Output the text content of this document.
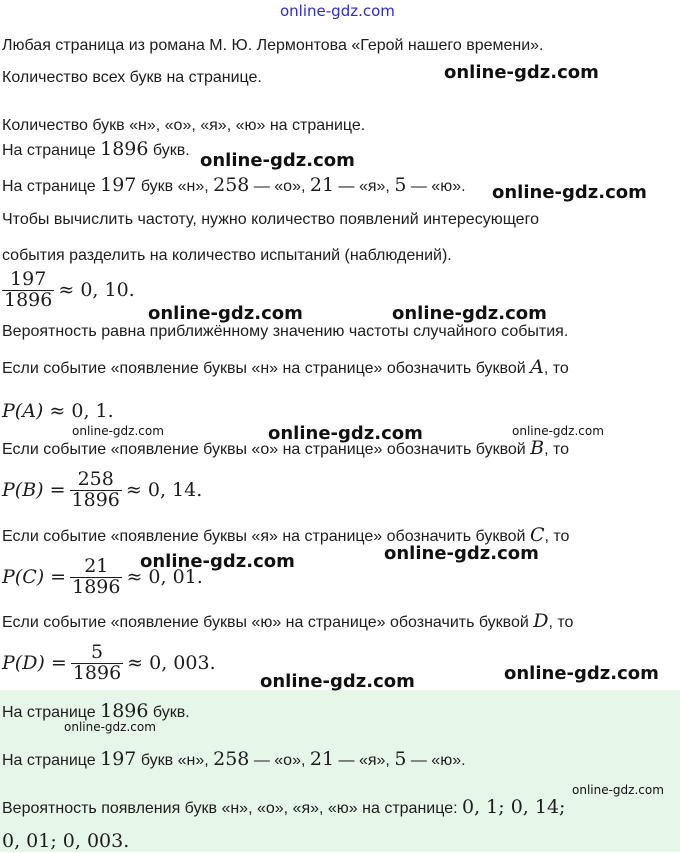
online-gdz.com
Любая страница из романа М. Ю. Лермонтова «Герой нашего времени».
Количество всех букв на странице.
Количество букв «н», «о», «я», «ю» на странице.
На странице 1896 букв.
На странице 197 букв «н», 258 — «о», 21 — «я», 5 — «ю».
Чтобы вычислить частоту, нужно количество появлений интересующего
события разделить на количество испытаний (наблюдений).
$\frac{197}{1896} \approx 0$, 10.
Вероятность равна приближённому значению частоты случайного события.
Если событие «появление буквы «н» на странице» обозначить буквой A, то
P(A) ≈ 0, 1.
Если событие «появление буквы «о» на странице» обозначить буквой B, то
$P(B) = \frac{258}{1896} \approx 0$, 14.
Если событие «появление буквы «я» на странице» обозначить буквой C, то
$P(C) = \frac{21}{1896} \approx 0$, 01.
Если событие «появление буквы «ю» на странице» обозначить буквой D, то
$P(D) = \frac{5}{1896} \approx 0$, 003.
На странице 1896 букв.
На странице 197 букв «н», 258 — «о», 21 — «я», 5 — «ю».
Вероятность появления букв «н», «о», «я», «ю» на странице: 0, 1; 0, 14;
0, 01; 0, 003.
online-gdz.com
online-gdz.com
online-gdz.com
online-gdz.com	online-gdz.com
online-gdz.com	online-gdz.com	online-gdz.com
online-gdz.com	online-gdz.com
online-gdz.com	online-gdz.com
online-gdz.com
online-gdz.com
